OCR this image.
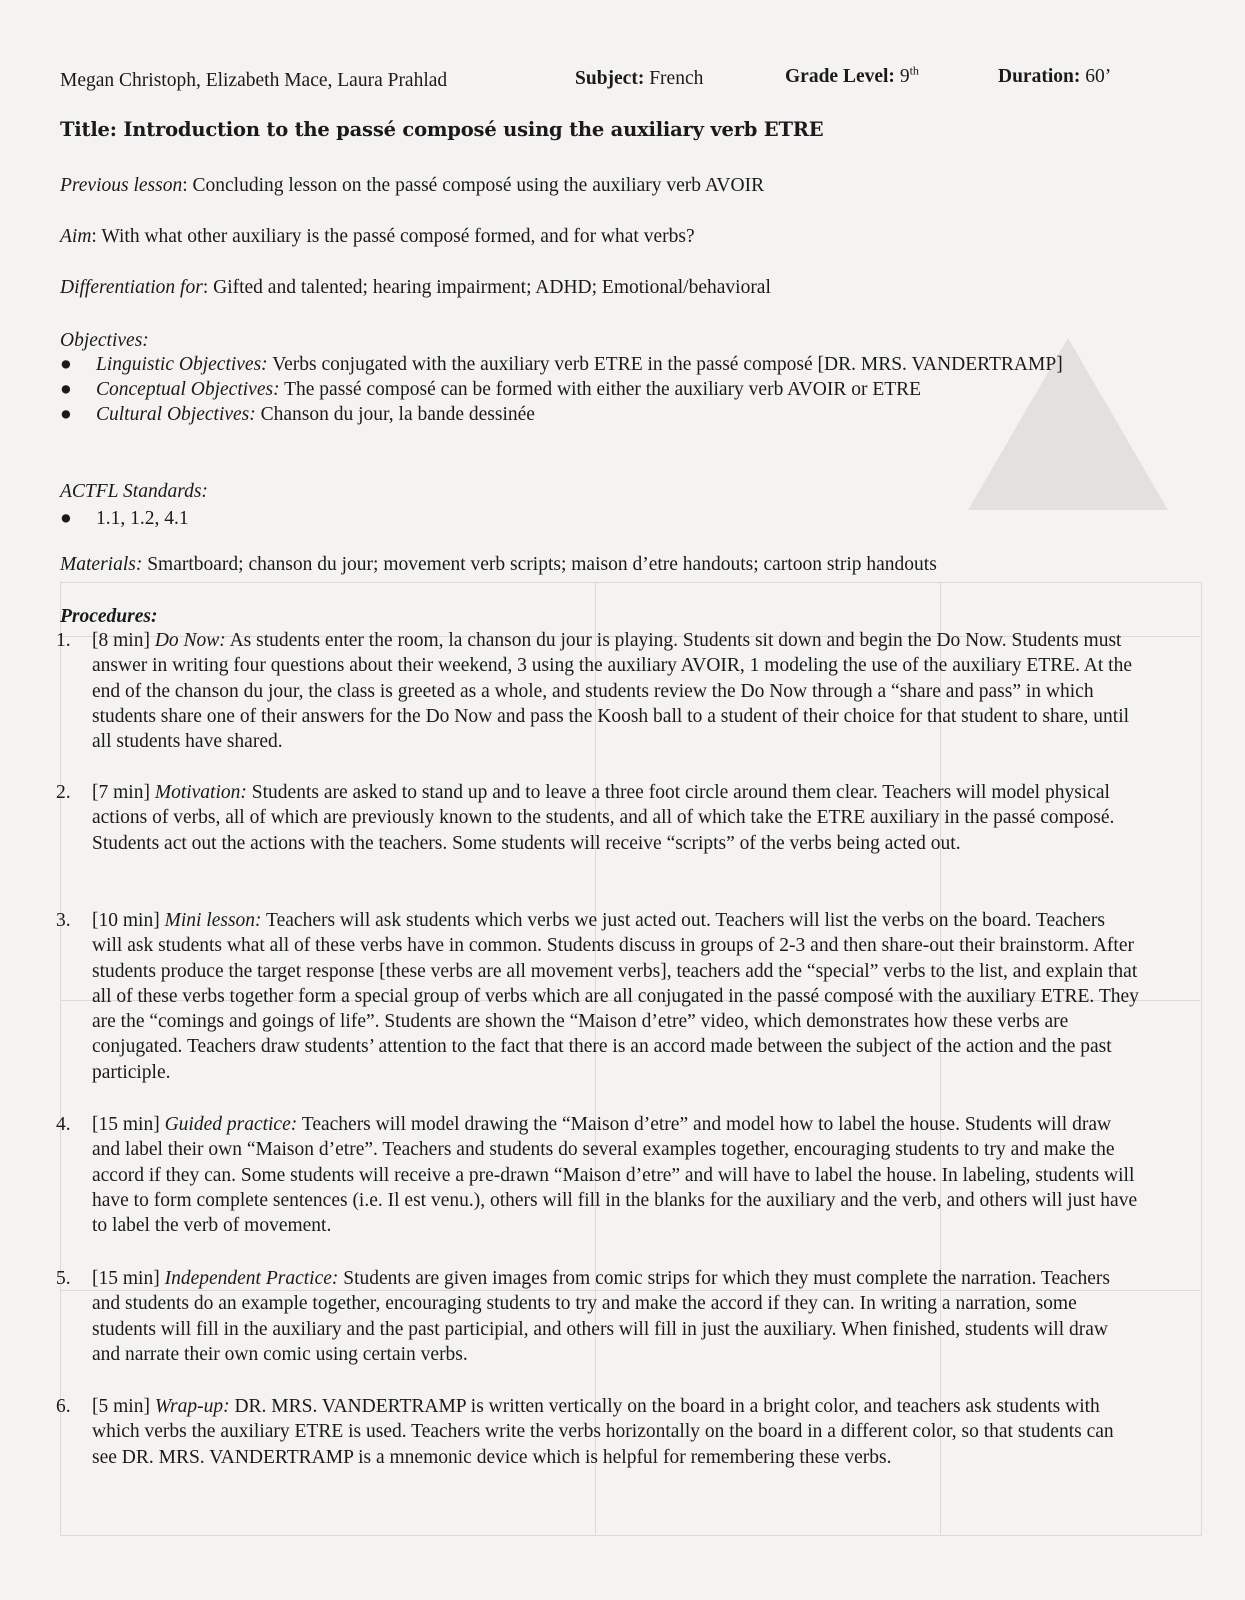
Megan Christoph, Elizabeth Mace, Laura Prahlad	Subject: French	Grade Level: 9th	Duration: 60’
Title: Introduction to the passé composé using the auxiliary verb ETRE
Previous lesson: Concluding lesson on the passé composé using the auxiliary verb AVOIR
Aim: With what other auxiliary is the passé composé formed, and for what verbs?
Differentiation for: Gifted and talented; hearing impairment; ADHD; Emotional/behavioral
Objectives:
● Linguistic Objectives: Verbs conjugated with the auxiliary verb ETRE in the passé composé [DR. MRS. VANDERTRAMP]
● Conceptual Objectives: The passé composé can be formed with either the auxiliary verb AVOIR or ETRE
● Cultural Objectives: Chanson du jour, la bande dessinée
ACTFL Standards:
● 1.1, 1.2, 4.1
Materials: Smartboard; chanson du jour; movement verb scripts; maison d’etre handouts; cartoon strip handouts
Procedures:
1. [8 min] Do Now: As students enter the room, la chanson du jour is playing. Students sit down and begin the Do Now. Students must answer in writing four questions about their weekend, 3 using the auxiliary AVOIR, 1 modeling the use of the auxiliary ETRE. At the end of the chanson du jour, the class is greeted as a whole, and students review the Do Now through a “share and pass” in which students share one of their answers for the Do Now and pass the Koosh ball to a student of their choice for that student to share, until all students have shared.
2. [7 min] Motivation: Students are asked to stand up and to leave a three foot circle around them clear. Teachers will model physical actions of verbs, all of which are previously known to the students, and all of which take the ETRE auxiliary in the passé composé. Students act out the actions with the teachers. Some students will receive “scripts” of the verbs being acted out.
3. [10 min] Mini lesson: Teachers will ask students which verbs we just acted out. Teachers will list the verbs on the board. Teachers will ask students what all of these verbs have in common. Students discuss in groups of 2-3 and then share-out their brainstorm. After students produce the target response [these verbs are all movement verbs], teachers add the “special” verbs to the list, and explain that all of these verbs together form a special group of verbs which are all conjugated in the passé composé with the auxiliary ETRE. They are the “comings and goings of life”. Students are shown the “Maison d’etre” video, which demonstrates how these verbs are conjugated. Teachers draw students’ attention to the fact that there is an accord made between the subject of the action and the past participle.
4. [15 min] Guided practice: Teachers will model drawing the “Maison d’etre” and model how to label the house. Students will draw and label their own “Maison d’etre”. Teachers and students do several examples together, encouraging students to try and make the accord if they can. Some students will receive a pre-drawn “Maison d’etre” and will have to label the house. In labeling, students will have to form complete sentences (i.e. Il est venu.), others will fill in the blanks for the auxiliary and the verb, and others will just have to label the verb of movement.
5. [15 min] Independent Practice: Students are given images from comic strips for which they must complete the narration. Teachers and students do an example together, encouraging students to try and make the accord if they can. In writing a narration, some students will fill in the auxiliary and the past participial, and others will fill in just the auxiliary. When finished, students will draw and narrate their own comic using certain verbs.
6. [5 min] Wrap-up: DR. MRS. VANDERTRAMP is written vertically on the board in a bright color, and teachers ask students with which verbs the auxiliary ETRE is used. Teachers write the verbs horizontally on the board in a different color, so that students can see DR. MRS. VANDERTRAMP is a mnemonic device which is helpful for remembering these verbs.
